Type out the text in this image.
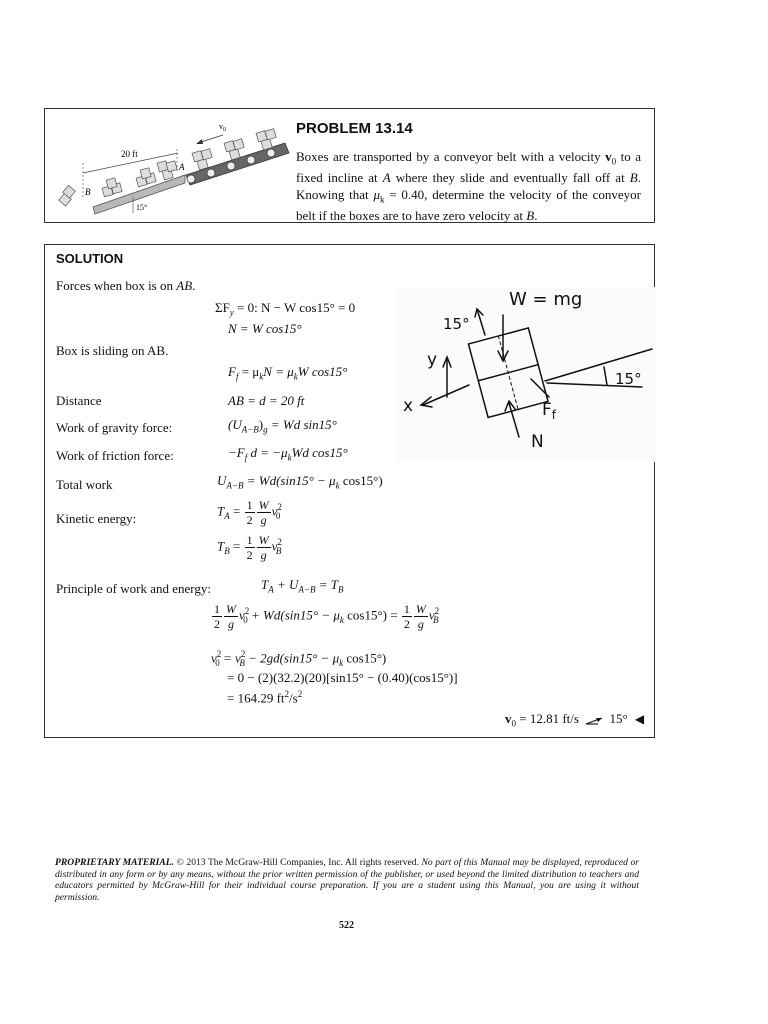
$v_0$
20 ft
A
B
15°
PROBLEM 13.14
Boxes are transported by a conveyor belt with a velocity $v_0$ to a fixed incline at A where they slide and eventually fall off at B. Knowing that $\mu_k = 0.40$, determine the velocity of the conveyor belt if the boxes are to have zero velocity at B.
SOLUTION
Forces when box is on AB.
$\Sigma F_y = 0$: N − W cos15° = 0
N = W cos15°
Box is sliding on AB.
$F_f = \mu_kN = \mu_kW$ cos15°
Distance	AB = d = 20 ft
Work of gravity force:	$(U_{A-B})_g = Wd$ sin15°
Work of friction force:	$-F_f$ $d = -\mu_kWd$ cos15°
Total work	$U_{A-B} = Wd(\sin 15^\circ - \mu_k$ cos15°)
Kinetic energy:
$T_A = \frac{1}{2} \frac{W}{g} v^2_0$
$T_B = \frac{1}{2} \frac{W}{g} v^2_B$
Principle of work and energy:	$T_A + U_{A-B} = T_B$
$\frac{1}{2} \frac{W}{g} v^2_0 + Wd(\sin 15^\circ - \mu_k$ $\cos 15^\circ) = \frac{1}{2} \frac{W}{g} v^2_B$
$v^2_0 = v^2_B - 2gd(\sin 15^\circ - \mu_k$ cos15°)
= 0 − (2)(32.2)(20)[sin15° − (0.40)(cos15°)]
= 164.29 $ft^2/s^2$
$v_0 = 12.81$ ft/s 15° ◀
W = mg
15°
15°
y
x	$F_f$
N
PROPRIETARY MATERIAL. © 2013 The McGraw-Hill Companies, Inc. All rights reserved. No part of this Manual may be displayed, reproduced or distributed in any form or by any means, without the prior written permission of the publisher, or used beyond the limited distribution to teachers and educators permitted by McGraw-Hill for their individual course preparation. If you are a student using this Manual, you are using it without permission.
522
